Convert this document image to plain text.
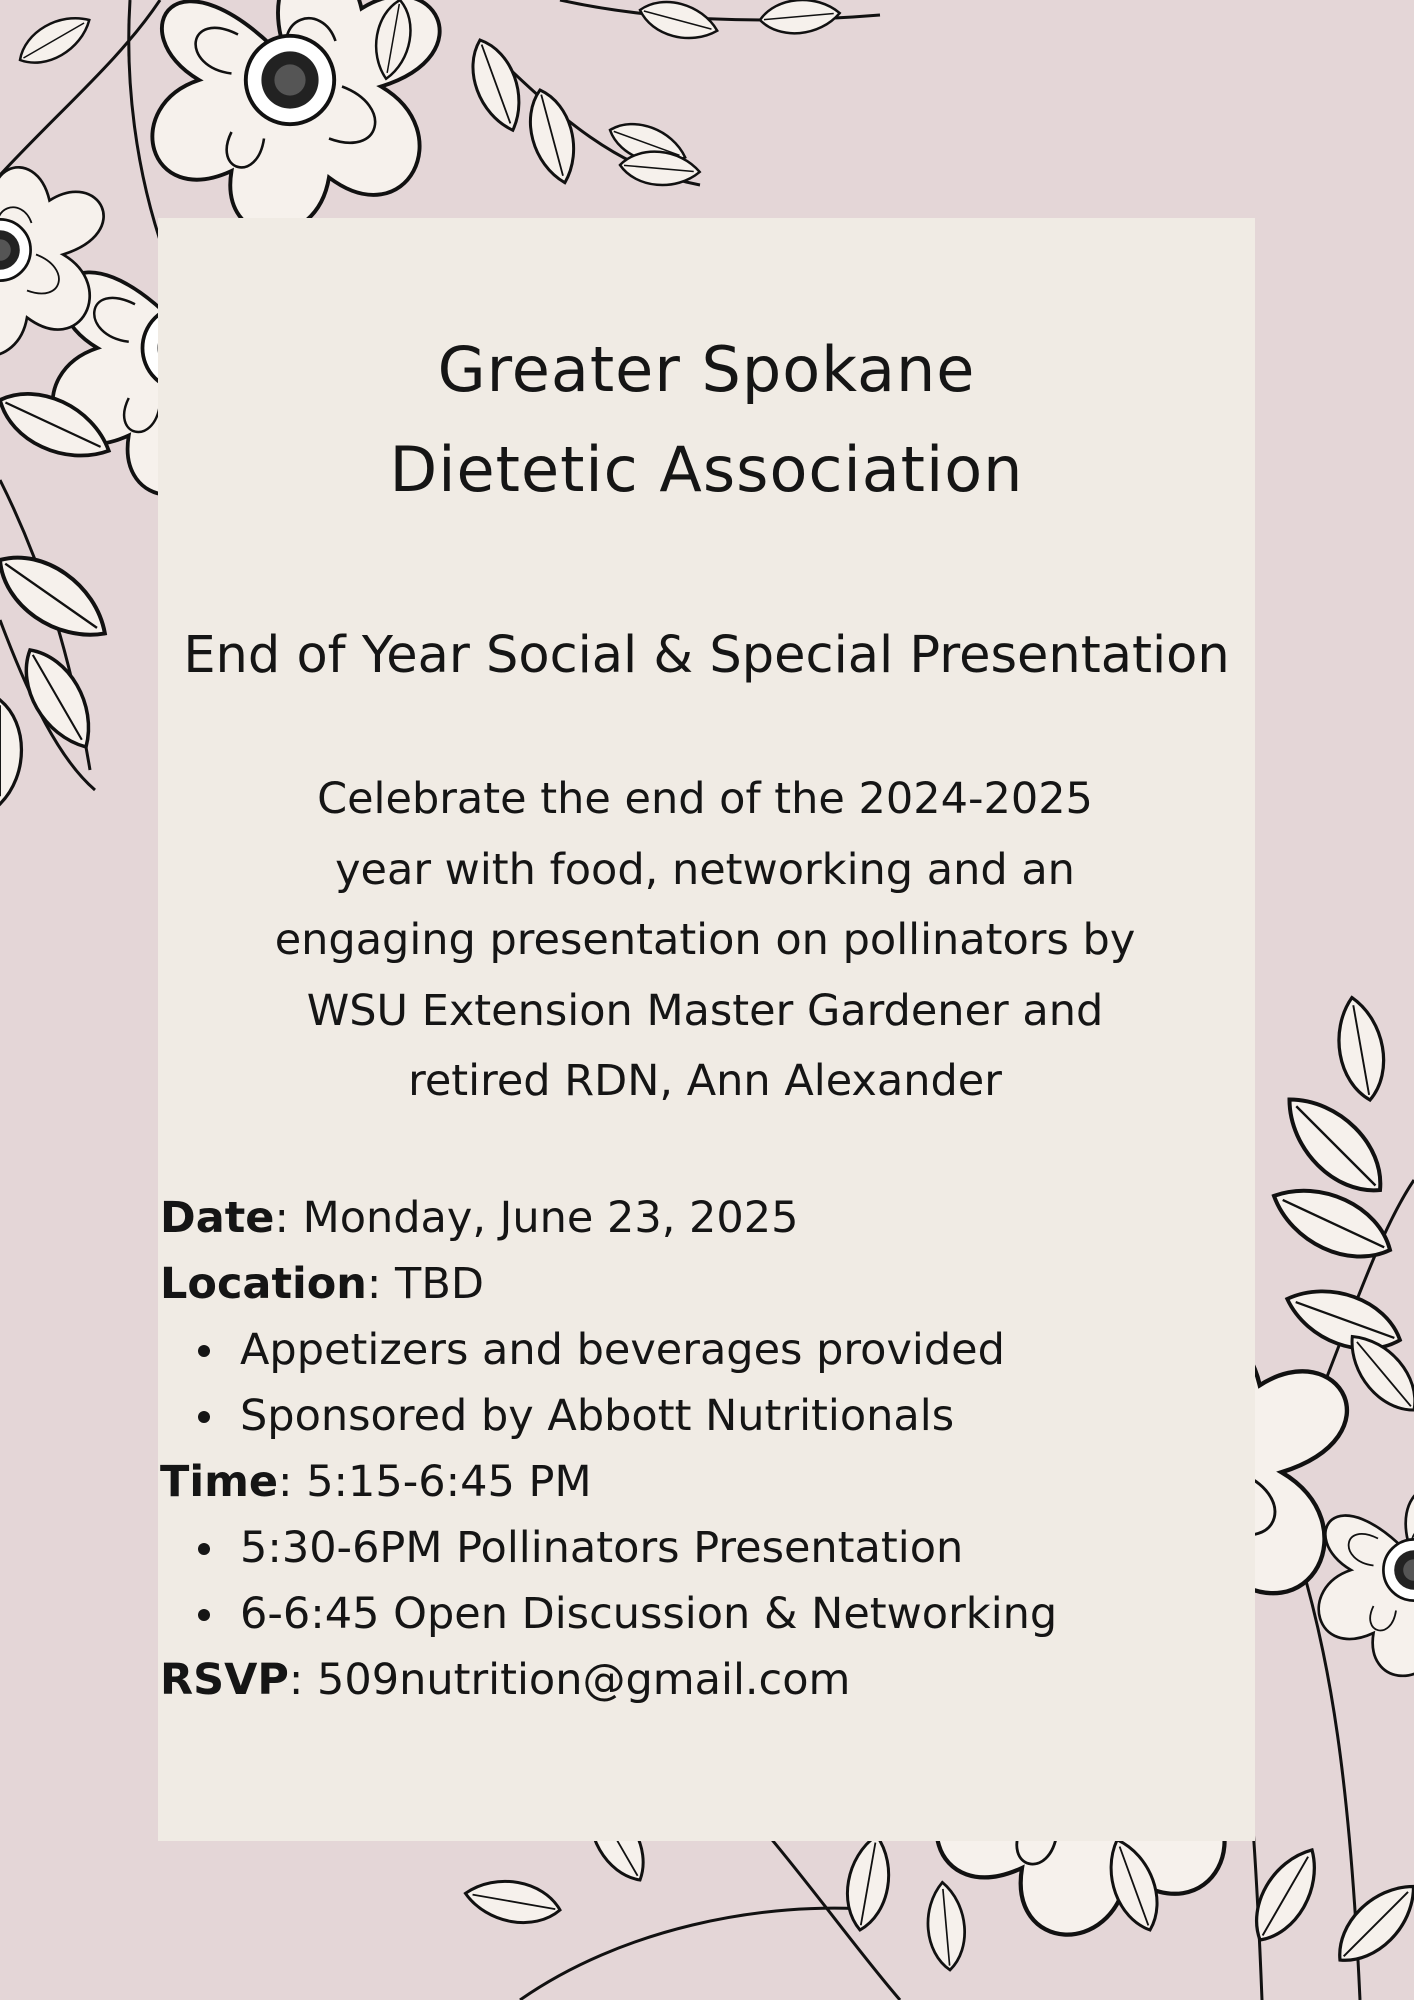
Greater Spokane
Dietetic Association
End of Year Social & Special Presentation
Celebrate the end of the 2024-2025
year with food, networking and an
engaging presentation on pollinators by
WSU Extension Master Gardener and
retired RDN, Ann Alexander
Date: Monday, June 23, 2025
Location: TBD
Appetizers and beverages provided
Sponsored by Abbott Nutritionals
Time: 5:15-6:45 PM
5:30-6PM Pollinators Presentation
6-6:45 Open Discussion & Networking
RSVP: 509nutrition@gmail.com
